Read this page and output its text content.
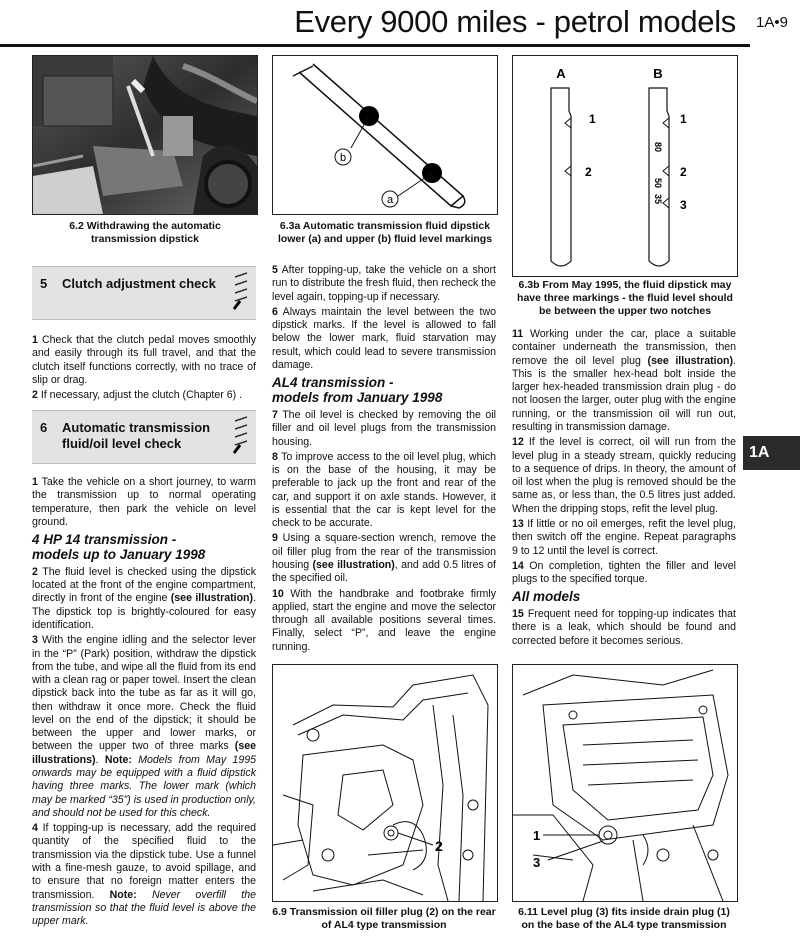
Every 9000 miles - petrol models 1A•9
1A
6.2 Withdrawing the automatic transmission dipstick
b
a
6.3a Automatic transmission fluid dipstick lower (a) and upper (b) fluid level markings
A	B
1
2
1
2
3
80
50
35
6.3b From May 1995, the fluid dipstick may have three markings - the fluid level should be between the upper two notches
5 Clutch adjustment check

1 Check that the clutch pedal moves smoothly and easily through its full travel, and that the clutch itself functions correctly, with no trace of slip or drag.

2 If necessary, adjust the clutch (Chapter 6) .

6 Automatic transmission
fluid/oil level check

1 Take the vehicle on a short journey, to warm the transmission up to normal operating temperature, then park the vehicle on level ground.

4 HP 14 transmission -
models up to January 1998

2 The fluid level is checked using the dipstick located at the front of the engine compartment, directly in front of the engine (see illustration). The dipstick top is brightly-coloured for easy identification.

3 With the engine idling and the selector lever in the “P” (Park) position, withdraw the dipstick from the tube, and wipe all the fluid from its end with a clean rag or paper towel. Insert the clean dipstick back into the tube as far as it will go, then withdraw it once more. Check the fluid level on the end of the dipstick; it should be between the upper and lower marks, or between the upper two of three marks (see illustrations). Note: Models from May 1995 onwards may be equipped with a fluid dipstick having three marks. The lower mark (which may be marked “35”) is used in production only, and should not be used for this check.

4 If topping-up is necessary, add the required quantity of the specified fluid to the transmission via the dipstick tube. Use a funnel with a fine-mesh gauze, to avoid spillage, and to ensure that no foreign matter enters the transmission. Note: Never overfill the transmission so that the fluid level is above the upper mark.

5 After topping-up, take the vehicle on a short run to distribute the fresh fluid, then recheck the level again, topping-up if necessary.

6 Always maintain the level between the two dipstick marks. If the level is allowed to fall below the lower mark, fluid starvation may result, which could lead to severe transmission damage.

AL4 transmission -
models from January 1998

7 The oil level is checked by removing the oil filler and oil level plugs from the transmission housing.

8 To improve access to the oil level plug, which is on the base of the housing, it may be preferable to jack up the front and rear of the car, and support it on axle stands. However, it is essential that the car is kept level for the check to be accurate.

9 Using a square-section wrench, remove the oil filler plug from the rear of the transmission housing (see illustration), and add 0.5 litres of the specified oil.

10 With the handbrake and footbrake firmly applied, start the engine and move the selector through all available positions several times. Finally, select “P”, and leave the engine running.

11 Working under the car, place a suitable container underneath the transmission, then remove the oil level plug (see illustration). This is the smaller hex-head bolt inside the larger hex-headed transmission drain plug - do not loosen the larger, outer plug with the engine running, or the transmission oil will run out, resulting in transmission damage.

12 If the level is correct, oil will run from the level plug in a steady stream, quickly reducing to a sequence of drips. In theory, the amount of oil lost when the plug is removed should be the same as, or less than, the 0.5 litres just added. When the dripping stops, refit the level plug.

13 If little or no oil emerges, refit the level plug, then switch off the engine. Repeat paragraphs 9 to 12 until the level is correct.

14 On completion, tighten the filler and level plugs to the specified torque.

All models

15 Frequent need for topping-up indicates that there is a leak, which should be found and corrected before it becomes serious.

2
6.9 Transmission oil filler plug (2) on the rear of AL4 type transmission
1
3
6.11 Level plug (3) fits inside drain plug (1) on the base of the AL4 type transmission
